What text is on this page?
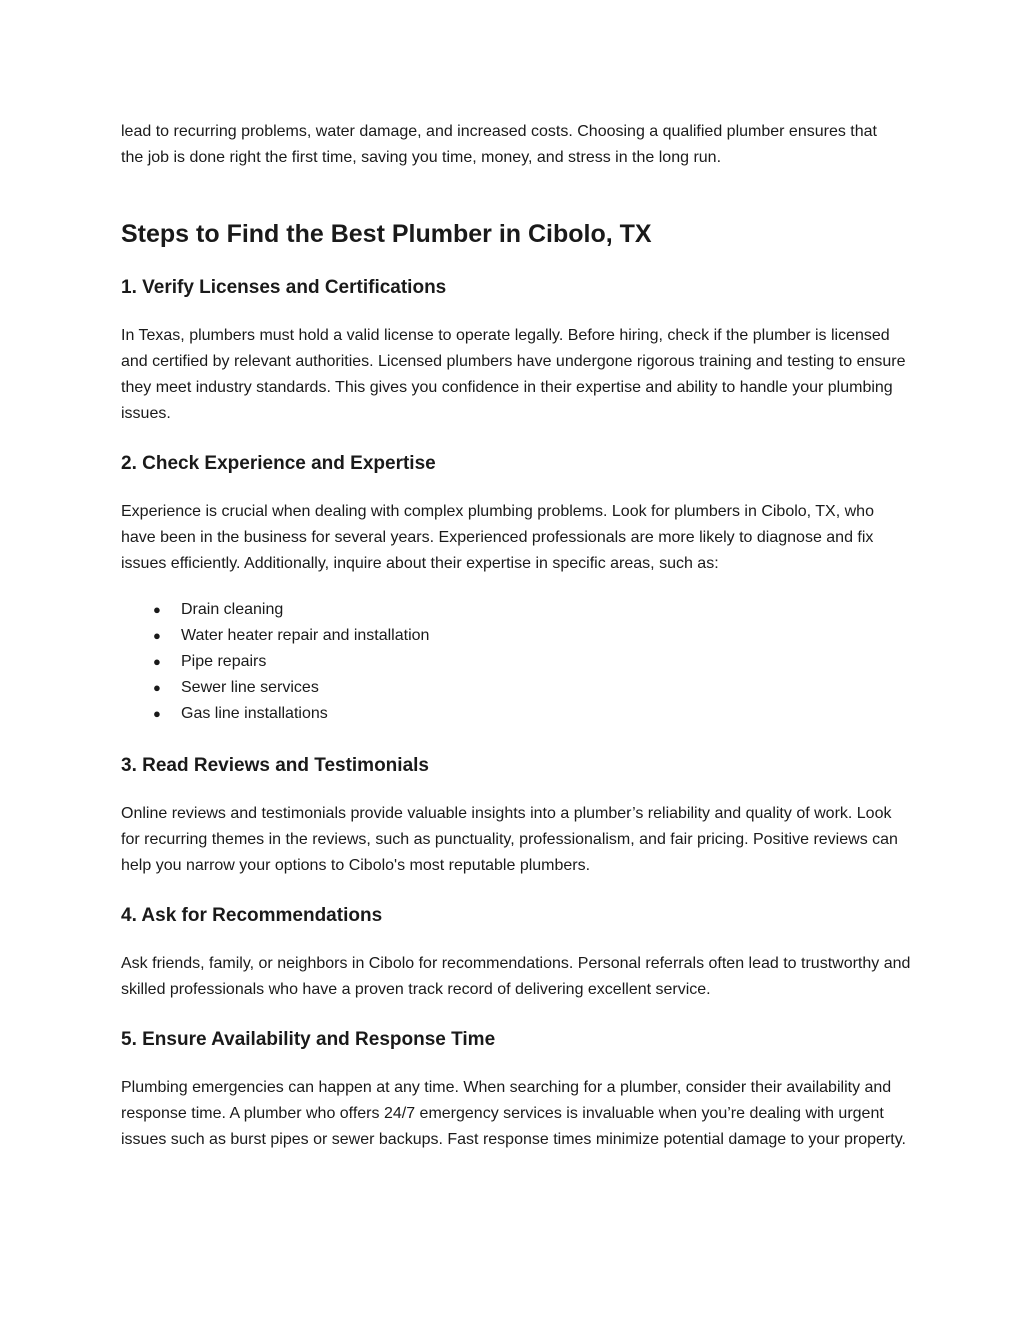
lead to recurring problems, water damage, and increased costs. Choosing a qualified plumber ensures that the job is done right the first time, saving you time, money, and stress in the long run.

Steps to Find the Best Plumber in Cibolo, TX
1. Verify Licenses and Certifications

In Texas, plumbers must hold a valid license to operate legally. Before hiring, check if the plumber is licensed and certified by relevant authorities. Licensed plumbers have undergone rigorous training and testing to ensure they meet industry standards. This gives you confidence in their expertise and ability to handle your plumbing issues.

2. Check Experience and Expertise

Experience is crucial when dealing with complex plumbing problems. Look for plumbers in Cibolo, TX, who have been in the business for several years. Experienced professionals are more likely to diagnose and fix issues efficiently. Additionally, inquire about their expertise in specific areas, such as:

● Drain cleaning
● Water heater repair and installation
● Pipe repairs
● Sewer line services
● Gas line installations
3. Read Reviews and Testimonials

Online reviews and testimonials provide valuable insights into a plumber’s reliability and quality of work. Look for recurring themes in the reviews, such as punctuality, professionalism, and fair pricing. Positive reviews can help you narrow your options to Cibolo's most reputable plumbers.

4. Ask for Recommendations

Ask friends, family, or neighbors in Cibolo for recommendations. Personal referrals often lead to trustworthy and skilled professionals who have a proven track record of delivering excellent service.

5. Ensure Availability and Response Time

Plumbing emergencies can happen at any time. When searching for a plumber, consider their availability and response time. A plumber who offers 24/7 emergency services is invaluable when you’re dealing with urgent issues such as burst pipes or sewer backups. Fast response times minimize potential damage to your property.
